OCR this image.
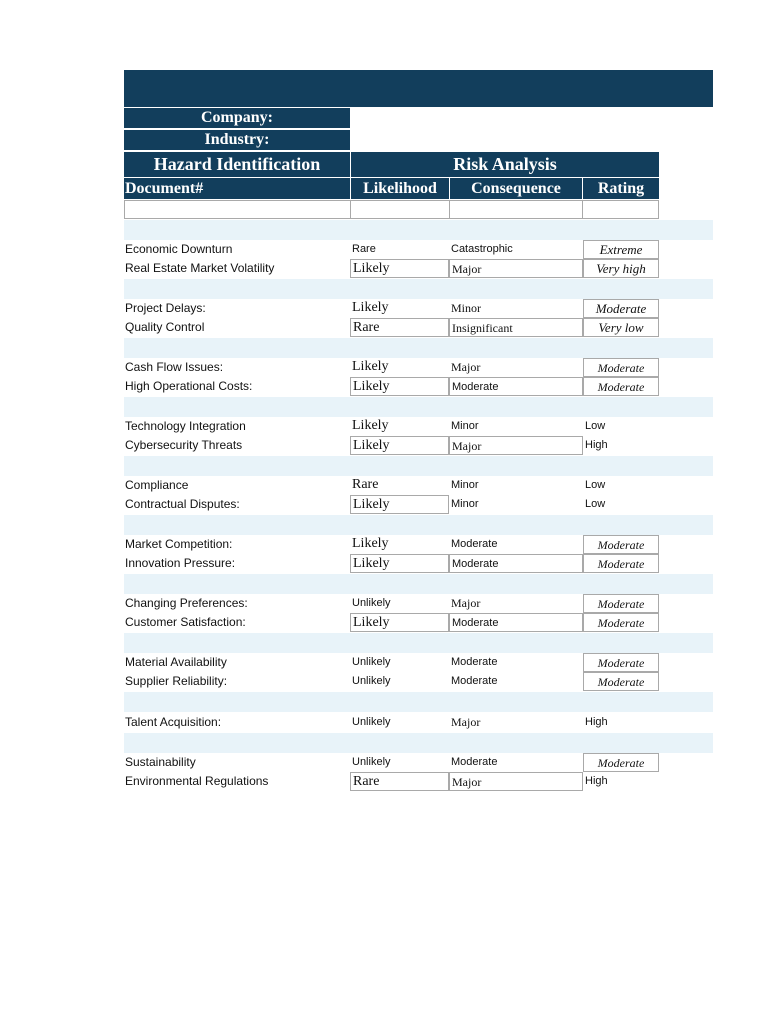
Company:
Industry:
Hazard Identification	Risk Analysis
Document#	Likelihood	Consequence	Rating
Economic Downturn	Rare	Catastrophic	Extreme
Real Estate Market Volatility	Likely	Major	Very high
Project Delays:	Likely	Minor	Moderate
Quality Control	Rare	Insignificant	Very low
Cash Flow Issues:	Likely	Major	Moderate
High Operational Costs:	Likely	Moderate	Moderate
Technology Integration	Likely	Minor	Low
Cybersecurity Threats	Likely	Major	High
Compliance	Rare	Minor	Low
Contractual Disputes:	Likely	Minor	Low
Market Competition:	Likely	Moderate	Moderate
Innovation Pressure:	Likely	Moderate	Moderate
Changing Preferences:	Unlikely	Major	Moderate
Customer Satisfaction:	Likely	Moderate	Moderate
Material Availability	Unlikely	Moderate	Moderate
Supplier Reliability:	Unlikely	Moderate	Moderate
Talent Acquisition:	Unlikely	Major	High
Sustainability	Unlikely	Moderate	Moderate
Environmental Regulations	Rare	Major	High
